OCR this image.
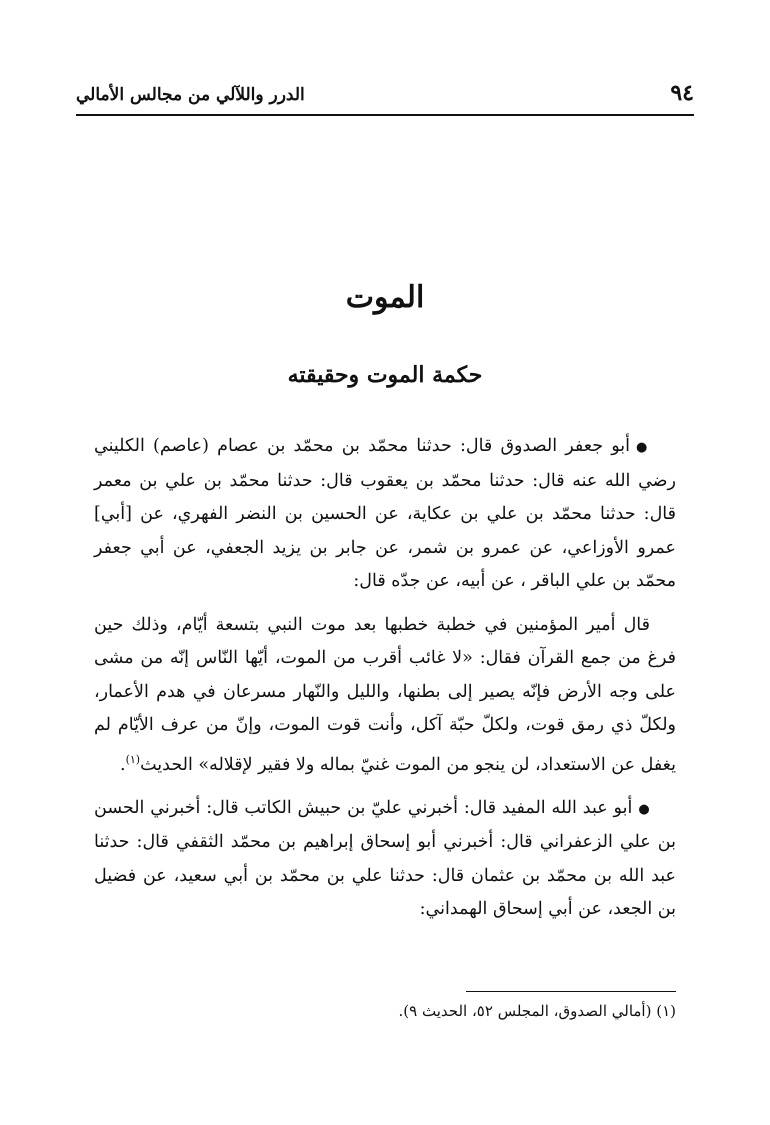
٩٤
الدرر واللآلي من مجالس الأمالي
الموت
حكمة الموت وحقيقته

●أبو جعفر الصدوق قال: حدثنا محمّد بن محمّد بن عصام (عاصم) الكليني رضي الله عنه قال: حدثنا محمّد بن يعقوب قال: حدثنا محمّد بن علي بن معمر قال: حدثنا محمّد بن علي بن عكاية، عن الحسين بن النضر الفهري، عن [أبي] عمرو الأوزاعي، عن عمرو بن شمر، عن جابر بن يزيد الجعفي، عن أبي جعفر محمّد بن علي الباقر ، عن أبيه، عن جدّه قال:

قال أمير المؤمنين في خطبة خطبها بعد موت النبي بتسعة أيّام، وذلك حين فرغ من جمع القرآن فقال: «لا غائب أقرب من الموت، أيّها النّاس إنّه من مشى على وجه الأرض فإنّه يصير إلى بطنها، والليل والنّهار مسرعان في هدم الأعمار، ولكلّ ذي رمق قوت، ولكلّ حبّة آكل، وأنت قوت الموت، وإنّ من عرف الأيّام لم يغفل عن الاستعداد، لن ينجو من الموت غنيّ بماله ولا فقير لإقلاله» الحديث$^{(١)}$.

●أبو عبد الله المفيد قال: أخبرني عليّ بن حبيش الكاتب قال: أخبرني الحسن بن علي الزعفراني قال: أخبرني أبو إسحاق إبراهيم بن محمّد الثقفي قال: حدثنا عبد الله بن محمّد بن عثمان قال: حدثنا علي بن محمّد بن أبي سعيد، عن فضيل بن الجعد، عن أبي إسحاق الهمداني:

(١) (أمالي الصدوق، المجلس ٥٢، الحديث ٩).
